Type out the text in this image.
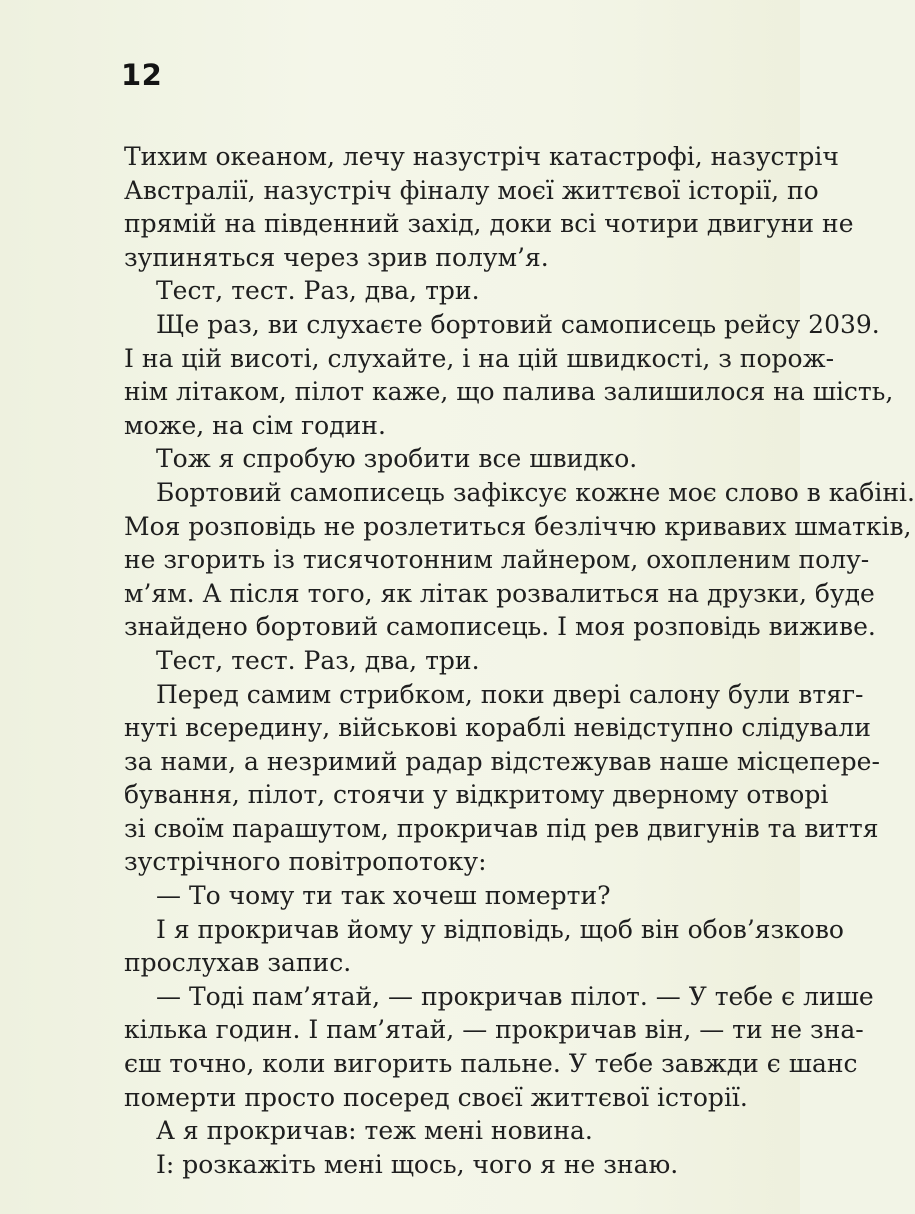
12
Тихим океаном, лечу назустріч катастрофі, назустріч
Австралії, назустріч фіналу моєї життєвої історії, по
прямій на південний захід, доки всі чотири двигуни не
зупиняться через зрив полум’я.
Тест, тест. Раз, два, три.
Ще раз, ви слухаєте бортовий самописець рейсу 2039.
І на цій висоті, слухайте, і на цій швидкості, з порож-
нім літаком, пілот каже, що палива залишилося на шість,
може, на сім годин.
Тож я спробую зробити все швидко.
Бортовий самописець зафіксує кожне моє слово в кабіні.
Моя розповідь не розлетиться безліччю кривавих шматків,
не згорить із тисячотонним лайнером, охопленим полу-
м’ям. А після того, як літак розвалиться на друзки, буде
знайдено бортовий самописець. І моя розповідь виживе.
Тест, тест. Раз, два, три.
Перед самим стрибком, поки двері салону були втяг-
нуті всередину, військові кораблі невідступно слідували
за нами, а незримий радар відстежував наше місцепере-
бування, пілот, стоячи у відкритому дверному отворі
зі своїм парашутом, прокричав під рев двигунів та виття
зустрічного повітропотоку:
— То чому ти так хочеш померти?
І я прокричав йому у відповідь, щоб він обов’язково
прослухав запис.
— Тоді пам’ятай, — прокричав пілот. — У тебе є лише
кілька годин. І пам’ятай, — прокричав він, — ти не зна-
єш точно, коли вигорить пальне. У тебе завжди є шанс
померти просто посеред своєї життєвої історії.
А я прокричав: теж мені новина.
І: розкажіть мені щось, чого я не знаю.
